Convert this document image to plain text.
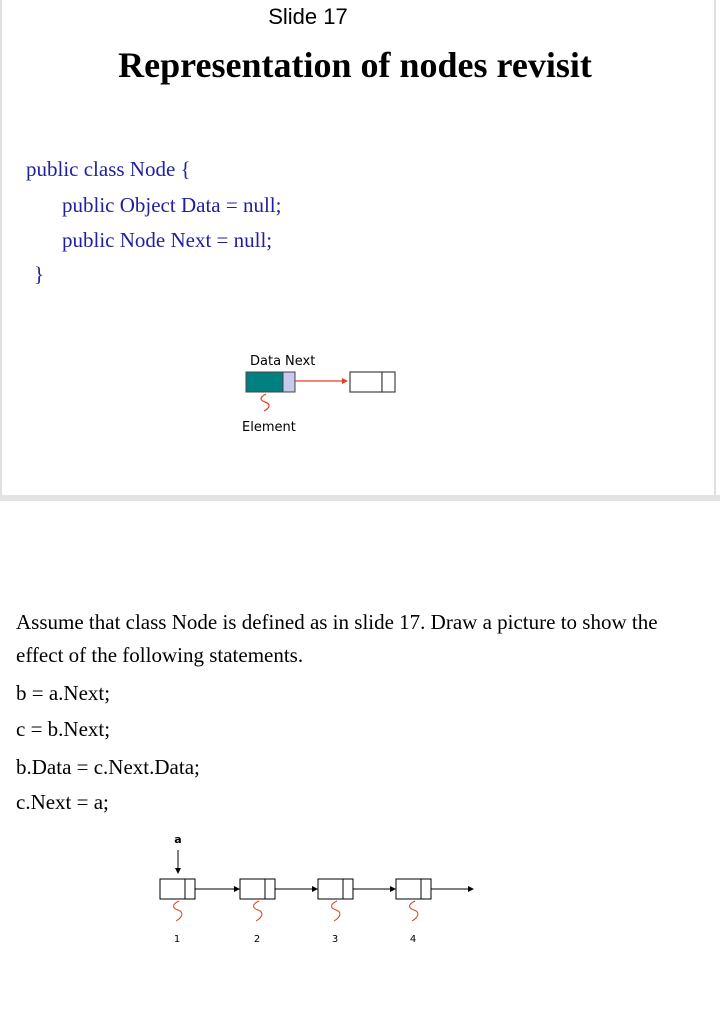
Slide 17
Representation of nodes revisit
public class Node {
public Object Data = null;
public Node Next = null;
}
Data Next
Element
Assume that class Node is defined as in slide 17. Draw a picture to show the effect of the following statements.
b = a.Next;
c = b.Next;
b.Data = c.Next.Data;
c.Next = a;
a
1	2	3	4
